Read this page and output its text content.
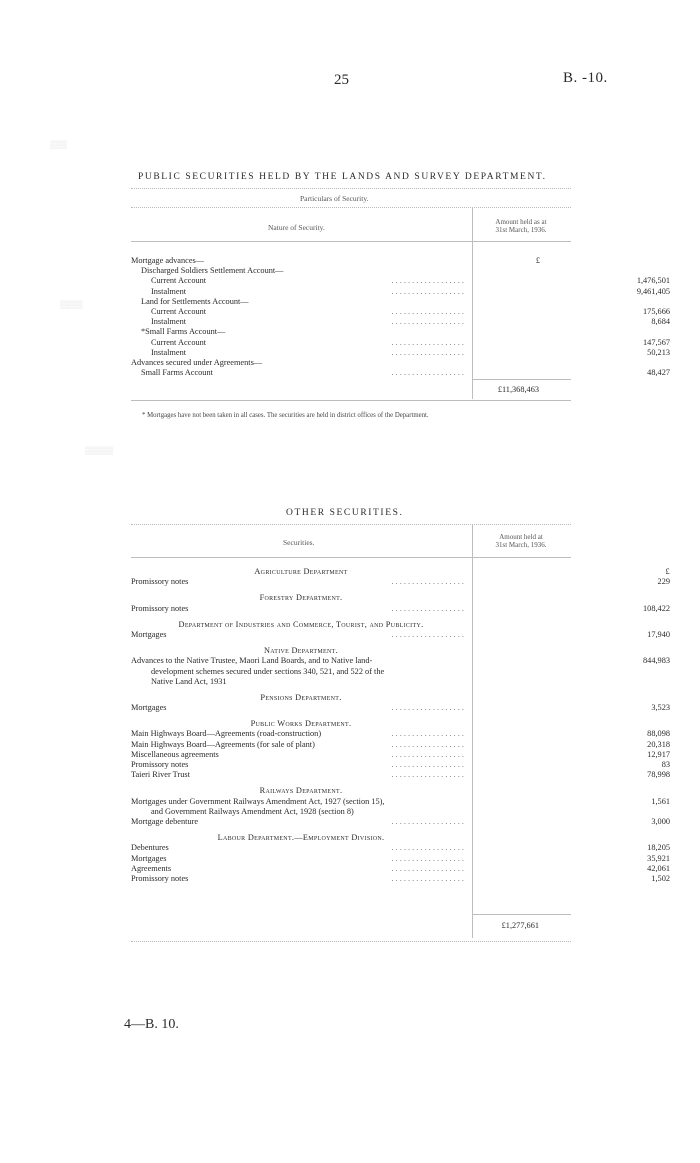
25	B. -10.
▒▒▒
▒▒▒▒
▒▒▒▒▒
PUBLIC SECURITIES HELD BY THE LANDS AND SURVEY DEPARTMENT.
Particulars of Security.
Nature of Security.
Amount held as at
31st March, 1936.
£
Mortgage advances—
Discharged Soldiers Settlement Account—
Current Account	. . . . . . . . . . . . . . . . . .	1,476,501
Instalment	. . . . . . . . . . . . . . . . . .	9,461,405
Land for Settlements Account—
Current Account	. . . . . . . . . . . . . . . . . .	175,666
Instalment	. . . . . . . . . . . . . . . . . .	8,684
*Small Farms Account—
Current Account	. . . . . . . . . . . . . . . . . .	147,567
Instalment	. . . . . . . . . . . . . . . . . .	50,213
Advances secured under Agreements—
Small Farms Account	. . . . . . . . . . . . . . . . . .	48,427
£11,368,463
* Mortgages have not been taken in all cases. The securities are held in district offices of the Department.
OTHER SECURITIES.
Securities.
Amount held at
31st March, 1936.
Agriculture Department	£
Promissory notes	. . . . . . . . . . . . . . . . . .	229
Forestry Department.
Promissory notes	. . . . . . . . . . . . . . . . . .	108,422
Department of Industries and Commerce, Tourist, and Publicity.
Mortgages	. . . . . . . . . . . . . . . . . .	17,940
Native Department.
Advances to the Native Trustee, Maori Land Boards, and to Native land-	844,983
development schemes secured under sections 340, 521, and 522 of the
Native Land Act, 1931
Pensions Department.
Mortgages	. . . . . . . . . . . . . . . . . .	3,523
Public Works Department.
Main Highways Board—Agreements (road-construction)	. . . . . . . . . . . . . . . . . .	88,098
Main Highways Board—Agreements (for sale of plant)	. . . . . . . . . . . . . . . . . .	20,318
Miscellaneous agreements	. . . . . . . . . . . . . . . . . .	12,917
Promissory notes	. . . . . . . . . . . . . . . . . .	83
Taieri River Trust	. . . . . . . . . . . . . . . . . .	78,998
Railways Department.
Mortgages under Government Railways Amendment Act, 1927 (section 15),	1,561
and Government Railways Amendment Act, 1928 (section 8)
Mortgage debenture	. . . . . . . . . . . . . . . . . .	3,000
Labour Department.—Employment Division.
Debentures	. . . . . . . . . . . . . . . . . .	18,205
Mortgages	. . . . . . . . . . . . . . . . . .	35,921
Agreements	. . . . . . . . . . . . . . . . . .	42,061
Promissory notes	. . . . . . . . . . . . . . . . . .	1,502
£1,277,661
4—B. 10.
